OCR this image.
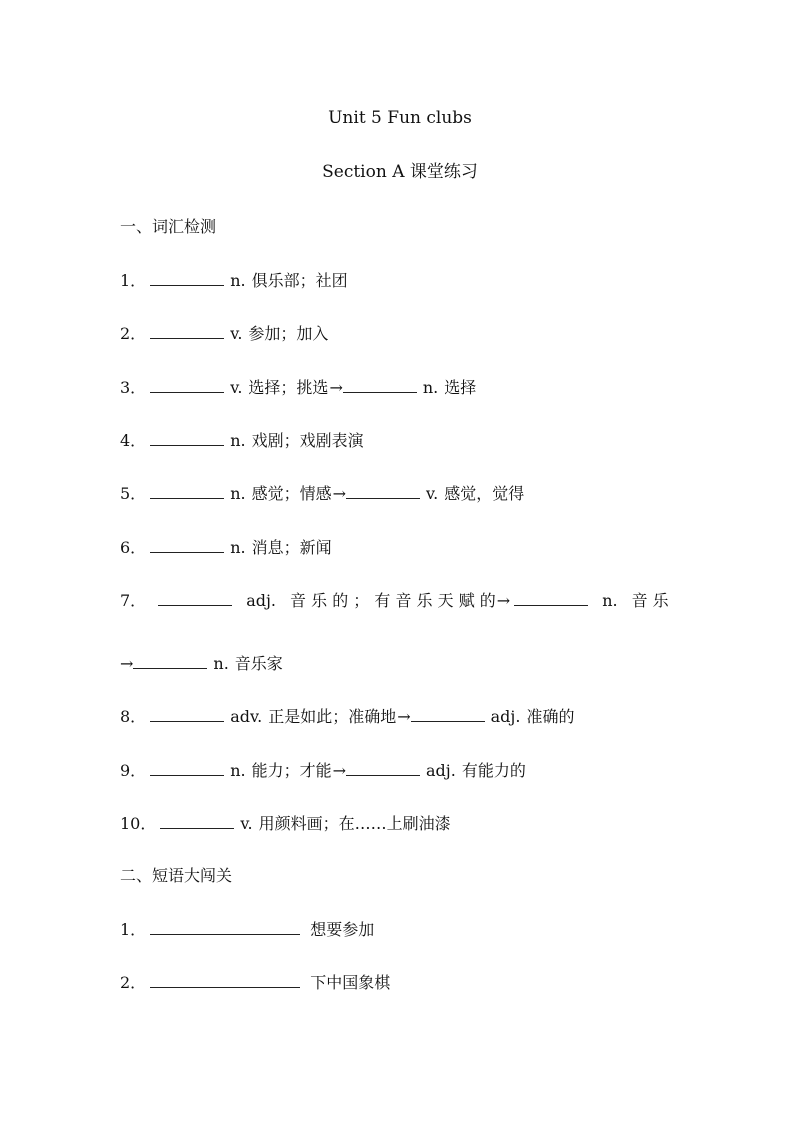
Unit 5 Fun clubs
Section A 课堂练习
一、词汇检测
1．	n. 俱乐部；社团
2．	v. 参加；加入
3．	v. 选择；挑选→	n. 选择
4．	n. 戏剧；戏剧表演
5．	n. 感觉；情感→	v. 感觉，觉得
6．	n. 消息；新闻
7．	adj. 音 乐 的 ； 有 音 乐 天 赋 的→	n. 音 乐
→	n. 音乐家
8．	adv. 正是如此；准确地→	adj. 准确的
9．	n. 能力；才能→	adj. 有能力的
10．	v. 用颜料画；在……上刷油漆
二、短语大闯关
1．	想要参加
2．	下中国象棋
